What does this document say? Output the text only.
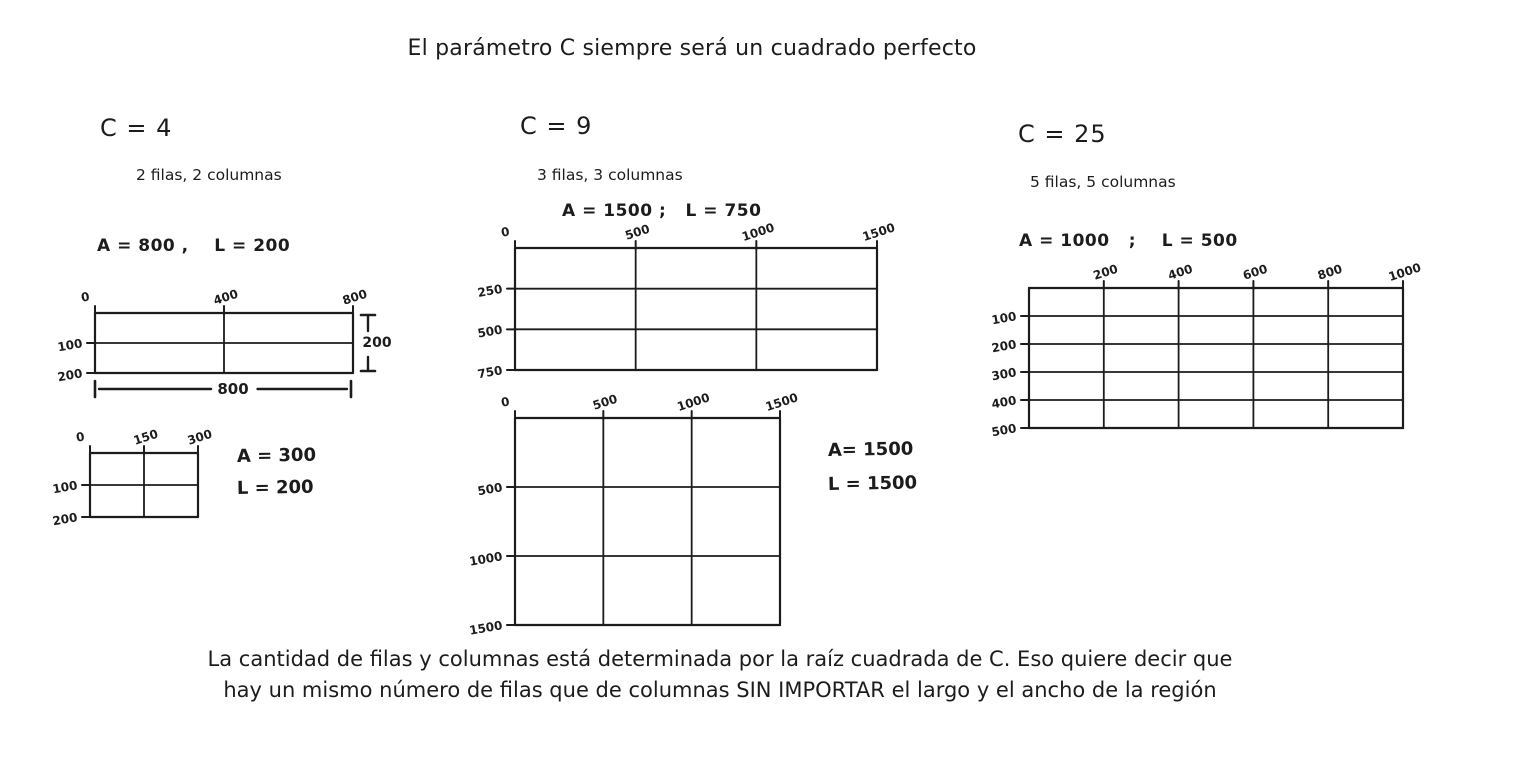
El parámetro C siempre será un cuadrado perfecto
C = 4
2 filas, 2 columnas
A = 800 ,    L = 200
C = 9
3 filas, 3 columnas
A = 1500 ;   L = 750
C = 25
5 filas, 5 columnas
A = 1000   ;    L = 500
0	400	800
100
200
800
200
0	150 300
100
200
A = 300
L = 200
0	500	1000	1500
250
500
750
0	500	1000	1500
500
1000
1500
A= 1500
L = 1500
200	400	600	800	1000
100
200
300
400
500
La cantidad de filas y columnas está determinada por la raíz cuadrada de C. Eso quiere decir que
hay un mismo número de filas que de columnas SIN IMPORTAR el largo y el ancho de la región
